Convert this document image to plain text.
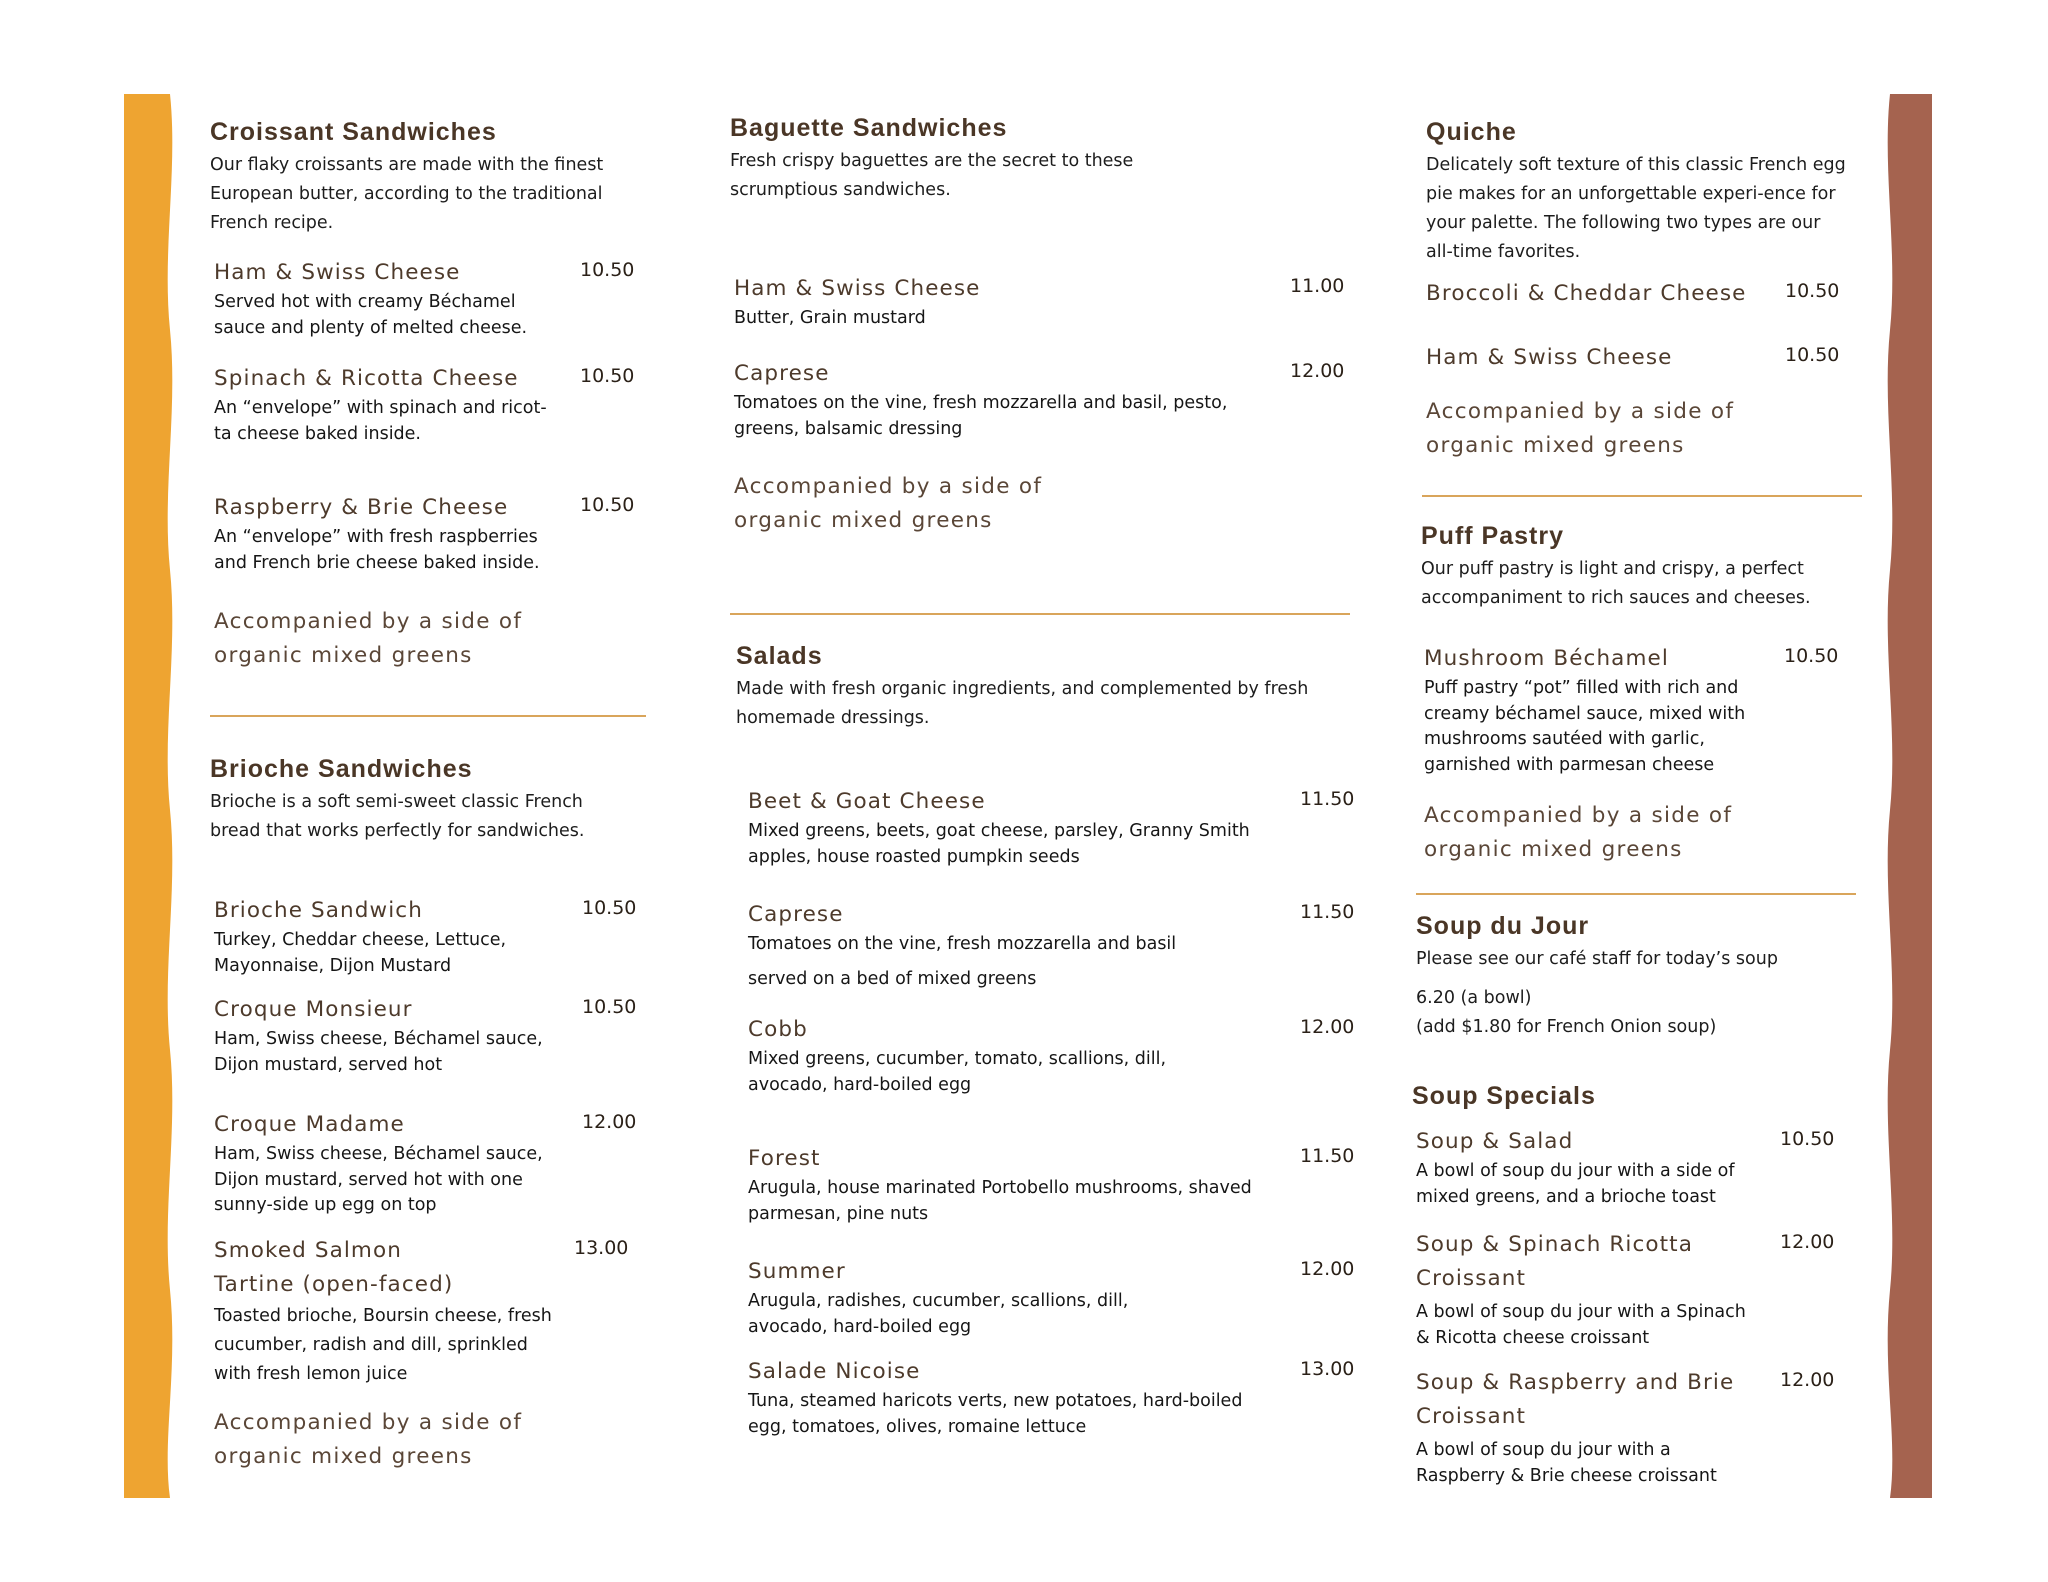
Croissant Sandwiches
Our flaky croissants are made with the finest European butter, according to the traditional French recipe.
Ham & Swiss Cheese
Served hot with creamy Béchamel sauce and plenty of melted cheese.
10.50
Spinach & Ricotta Cheese
An “envelope” with spinach and ricot-ta cheese baked inside.
10.50
Raspberry & Brie Cheese
An “envelope” with fresh raspberries and French brie cheese baked inside.
10.50
Accompanied by a side of organic mixed greens
Brioche Sandwiches
Brioche is a soft semi-sweet classic French bread that works perfectly for sandwiches.
Brioche Sandwich
Turkey, Cheddar cheese, Lettuce, Mayonnaise, Dijon Mustard
10.50
Croque Monsieur
Ham, Swiss cheese, Béchamel sauce, Dijon mustard, served hot
10.50
Croque Madame
Ham, Swiss cheese, Béchamel sauce, Dijon mustard, served hot with one sunny-side up egg on top
12.00
Smoked Salmon Tartine (open-faced)
Toasted brioche, Boursin cheese, fresh cucumber, radish and dill, sprinkled with fresh lemon juice
13.00
Accompanied by a side of organic mixed greens
Baguette Sandwiches
Fresh crispy baguettes are the secret to these scrumptious sandwiches.
Ham & Swiss Cheese
Butter, Grain mustard
11.00
Caprese
Tomatoes on the vine, fresh mozzarella and basil, pesto, greens, balsamic dressing
12.00
Accompanied by a side of organic mixed greens
Salads
Made with fresh organic ingredients, and complemented by fresh homemade dressings.
Beet & Goat Cheese
Mixed greens, beets, goat cheese, parsley, Granny Smith apples, house roasted pumpkin seeds
11.50
Caprese
Tomatoes on the vine, fresh mozzarella and basil
served on a bed of mixed greens
11.50
Cobb
Mixed greens, cucumber, tomato, scallions, dill, avocado, hard-boiled egg
12.00
Forest
Arugula, house marinated Portobello mushrooms, shaved parmesan, pine nuts
11.50
Summer
Arugula, radishes, cucumber, scallions, dill, avocado, hard-boiled egg
12.00
Salade Nicoise
Tuna, steamed haricots verts, new potatoes, hard-boiled egg, tomatoes, olives, romaine lettuce
13.00
Quiche
Delicately soft texture of this classic French egg pie makes for an unforgettable experi-ence for your palette. The following two types are our all-time favorites.
Broccoli & Cheddar Cheese	10.50
Ham & Swiss Cheese	10.50
Accompanied by a side of organic mixed greens
Puff Pastry
Our puff pastry is light and crispy, a perfect accompaniment to rich sauces and cheeses.
Mushroom Béchamel
Puff pastry “pot” filled with rich and creamy béchamel sauce, mixed with mushrooms sautéed with garlic, garnished with parmesan cheese
10.50
Accompanied by a side of organic mixed greens
Soup du Jour
Please see our café staff for today’s soup
6.20 (a bowl)
(add $1.80 for French Onion soup)
Soup Specials
Soup & Salad
A bowl of soup du jour with a side of mixed greens, and a brioche toast
10.50
Soup & Spinach Ricotta Croissant
A bowl of soup du jour with a Spinach & Ricotta cheese croissant
12.00
Soup & Raspberry and Brie Croissant
A bowl of soup du jour with a Raspberry & Brie cheese croissant
12.00
